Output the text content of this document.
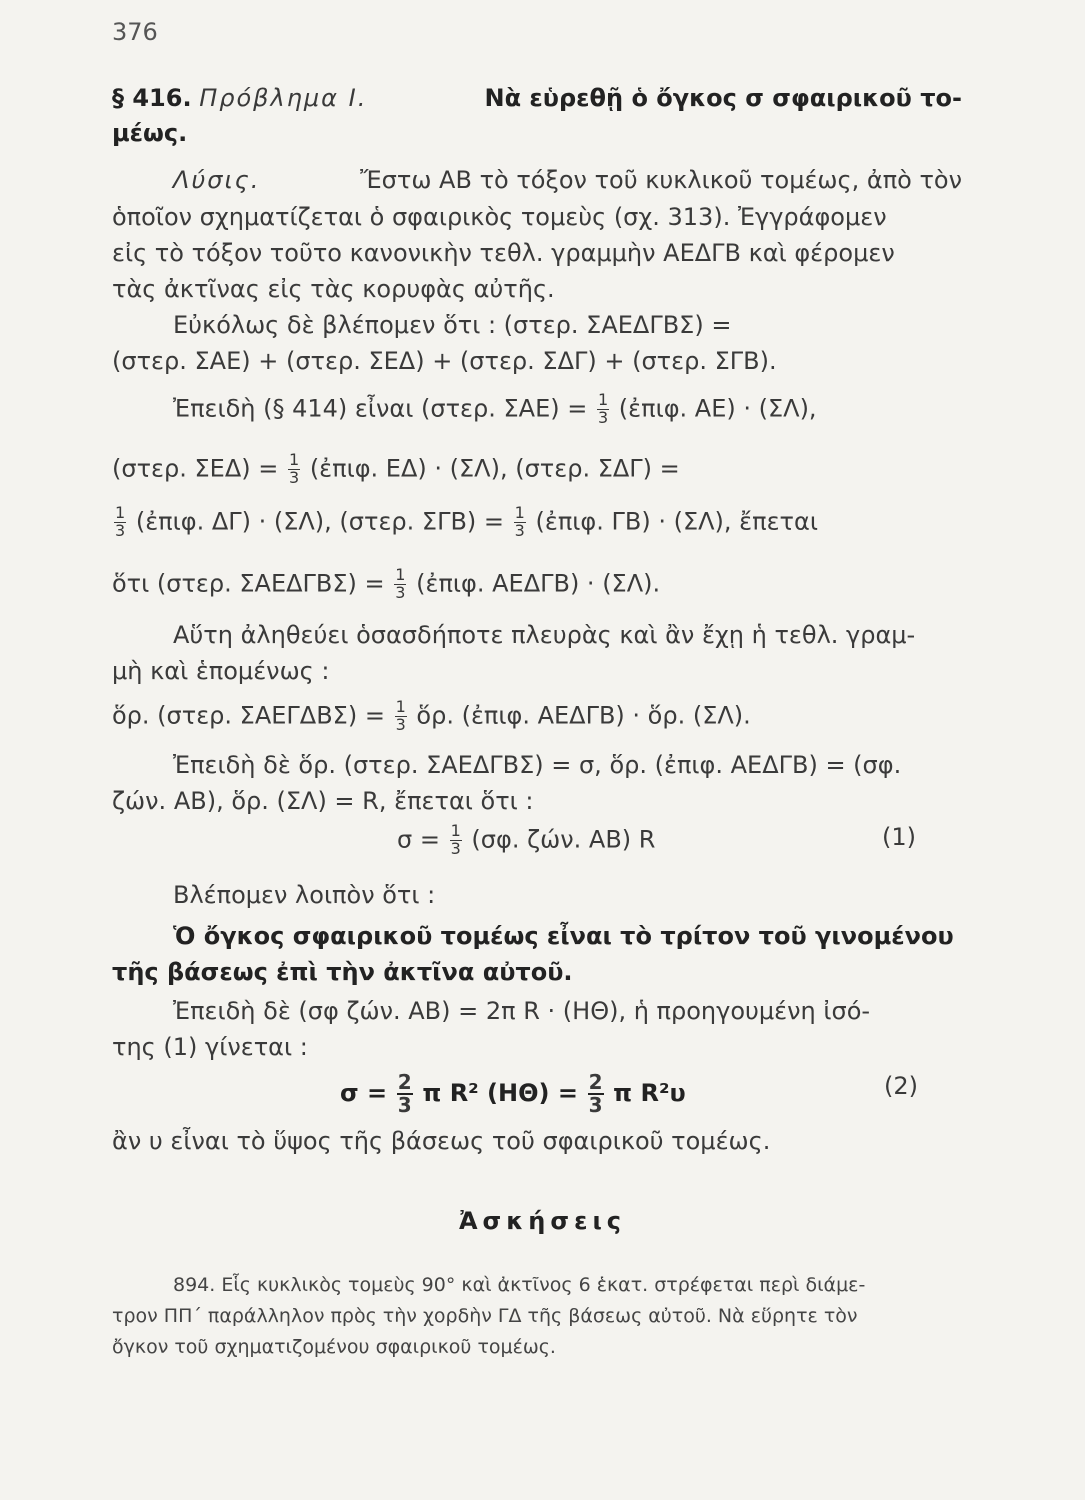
376
§ 416. Πρόβλημα Ι.	Νὰ εὑρεθῇ ὁ ὄγκος σ σφαιρικοῦ το-
μέως.
Λύσις.	Ἔστω ΑΒ τὸ τόξον τοῦ κυκλικοῦ τομέως, ἀπὸ τὸν
ὁποῖον σχηματίζεται ὁ σφαιρικὸς τομεὺς (σχ. 313). Ἐγγράφομεν
εἰς τὸ τόξον τοῦτο κανονικὴν τεθλ. γραμμὴν ΑΕΔΓΒ καὶ φέρομεν
τὰς ἀκτῖνας εἰς τὰς κορυφὰς αὐτῆς.
Εὐκόλως δὲ βλέπομεν ὅτι : (στερ. ΣΑΕΔΓΒΣ) =
(στερ. ΣΑΕ) + (στερ. ΣΕΔ) + (στερ. ΣΔΓ) + (στερ. ΣΓΒ).
Ἐπειδὴ (§ 414) εἶναι (στερ. $\Sigma AE) = \frac{1}{3}$ (ἐπιφ. ΑΕ) · (ΣΛ),
(στερ. $\Sigma E\Delta) = \frac{1}{3}$ (ἐπιφ. ΕΔ) · (ΣΛ), (στερ. ΣΔΓ) =
$\frac{1}{3}$ (ἐπιφ. ΔΓ) · (ΣΛ), (στερ. $\Sigma\Gamma B) = \frac{1}{3}$ (ἐπιφ. ΓΒ) · (ΣΛ), ἔπεται
ὅτι (στερ. $\Sigma AE\Delta\Gamma B\Sigma) = \frac{1}{3}$ (ἐπιφ. ΑΕΔΓΒ) · (ΣΛ).
Αὕτη ἀληθεύει ὁσασδήποτε πλευρὰς καὶ ἂν ἔχῃ ἡ τεθλ. γραμ-
μὴ καὶ ἑπομένως :
ὅρ. (στερ. $\Sigma AE\Gamma\Delta B\Sigma) = \frac{1}{3}$ ὅρ. (ἐπιφ. ΑΕΔΓΒ) · ὅρ. (ΣΛ).
Ἐπειδὴ δὲ ὅρ. (στερ. ΣΑΕΔΓΒΣ) = σ, ὅρ. (ἐπιφ. ΑΕΔΓΒ) = (σφ.
ζών. ΑΒ), ὅρ. (ΣΛ) = R, ἔπεται ὅτι :
$\sigma = \frac{1}{3} (\sigma\varphi$. ζών. ΑΒ) R	(1)
Βλέπομεν λοιπὸν ὅτι :
Ὁ ὄγκος σφαιρικοῦ τομέως εἶναι τὸ τρίτον τοῦ γινομένου
τῆς βάσεως ἐπὶ τὴν ἀκτῖνα αὐτοῦ.
Ἐπειδὴ δὲ (σφ ζών. ΑΒ) = 2π R · (ΗΘ), ἡ προηγουμένη ἰσό-
της (1) γίνεται :
$\sigma = \frac{2}{3}$ π R² $(H\Theta) = \frac{2}{3}$ π R²υ	(2)
ἂν υ εἶναι τὸ ὕψος τῆς βάσεως τοῦ σφαιρικοῦ τομέως.
Ἀσκήσεις
894. Εἷς κυκλικὸς τομεὺς 90° καὶ ἀκτῖνος 6 ἑκατ. στρέφεται περὶ διάμε-
τρον ΠΠ΄ παράλληλον πρὸς τὴν χορδὴν ΓΔ τῆς βάσεως αὐτοῦ. Νὰ εὕρητε τὸν
ὄγκον τοῦ σχηματιζομένου σφαιρικοῦ τομέως.
